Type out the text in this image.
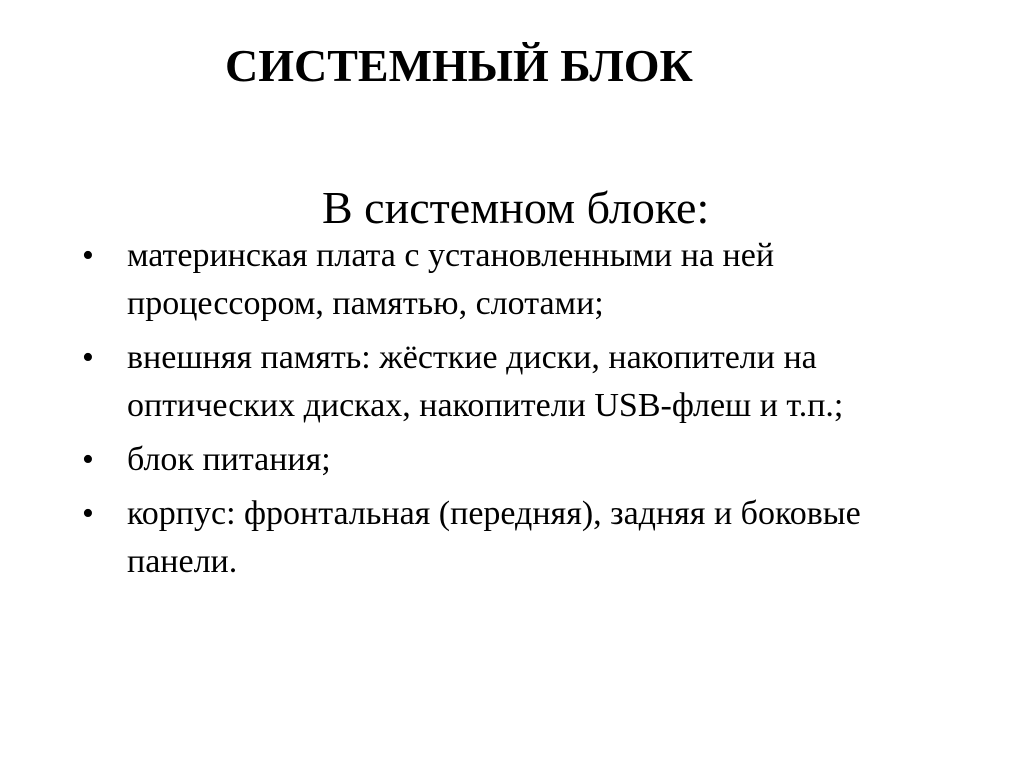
СИСТЕМНЫЙ БЛОК
В системном блоке:
• материнская плата с установленными на ней процессором, памятью, слотами;
• внешняя память: жёсткие диски, накопители на оптических дисках, накопители USB-флеш и т.п.;
• блок питания;
• корпус: фронтальная (передняя), задняя и боковые панели.
